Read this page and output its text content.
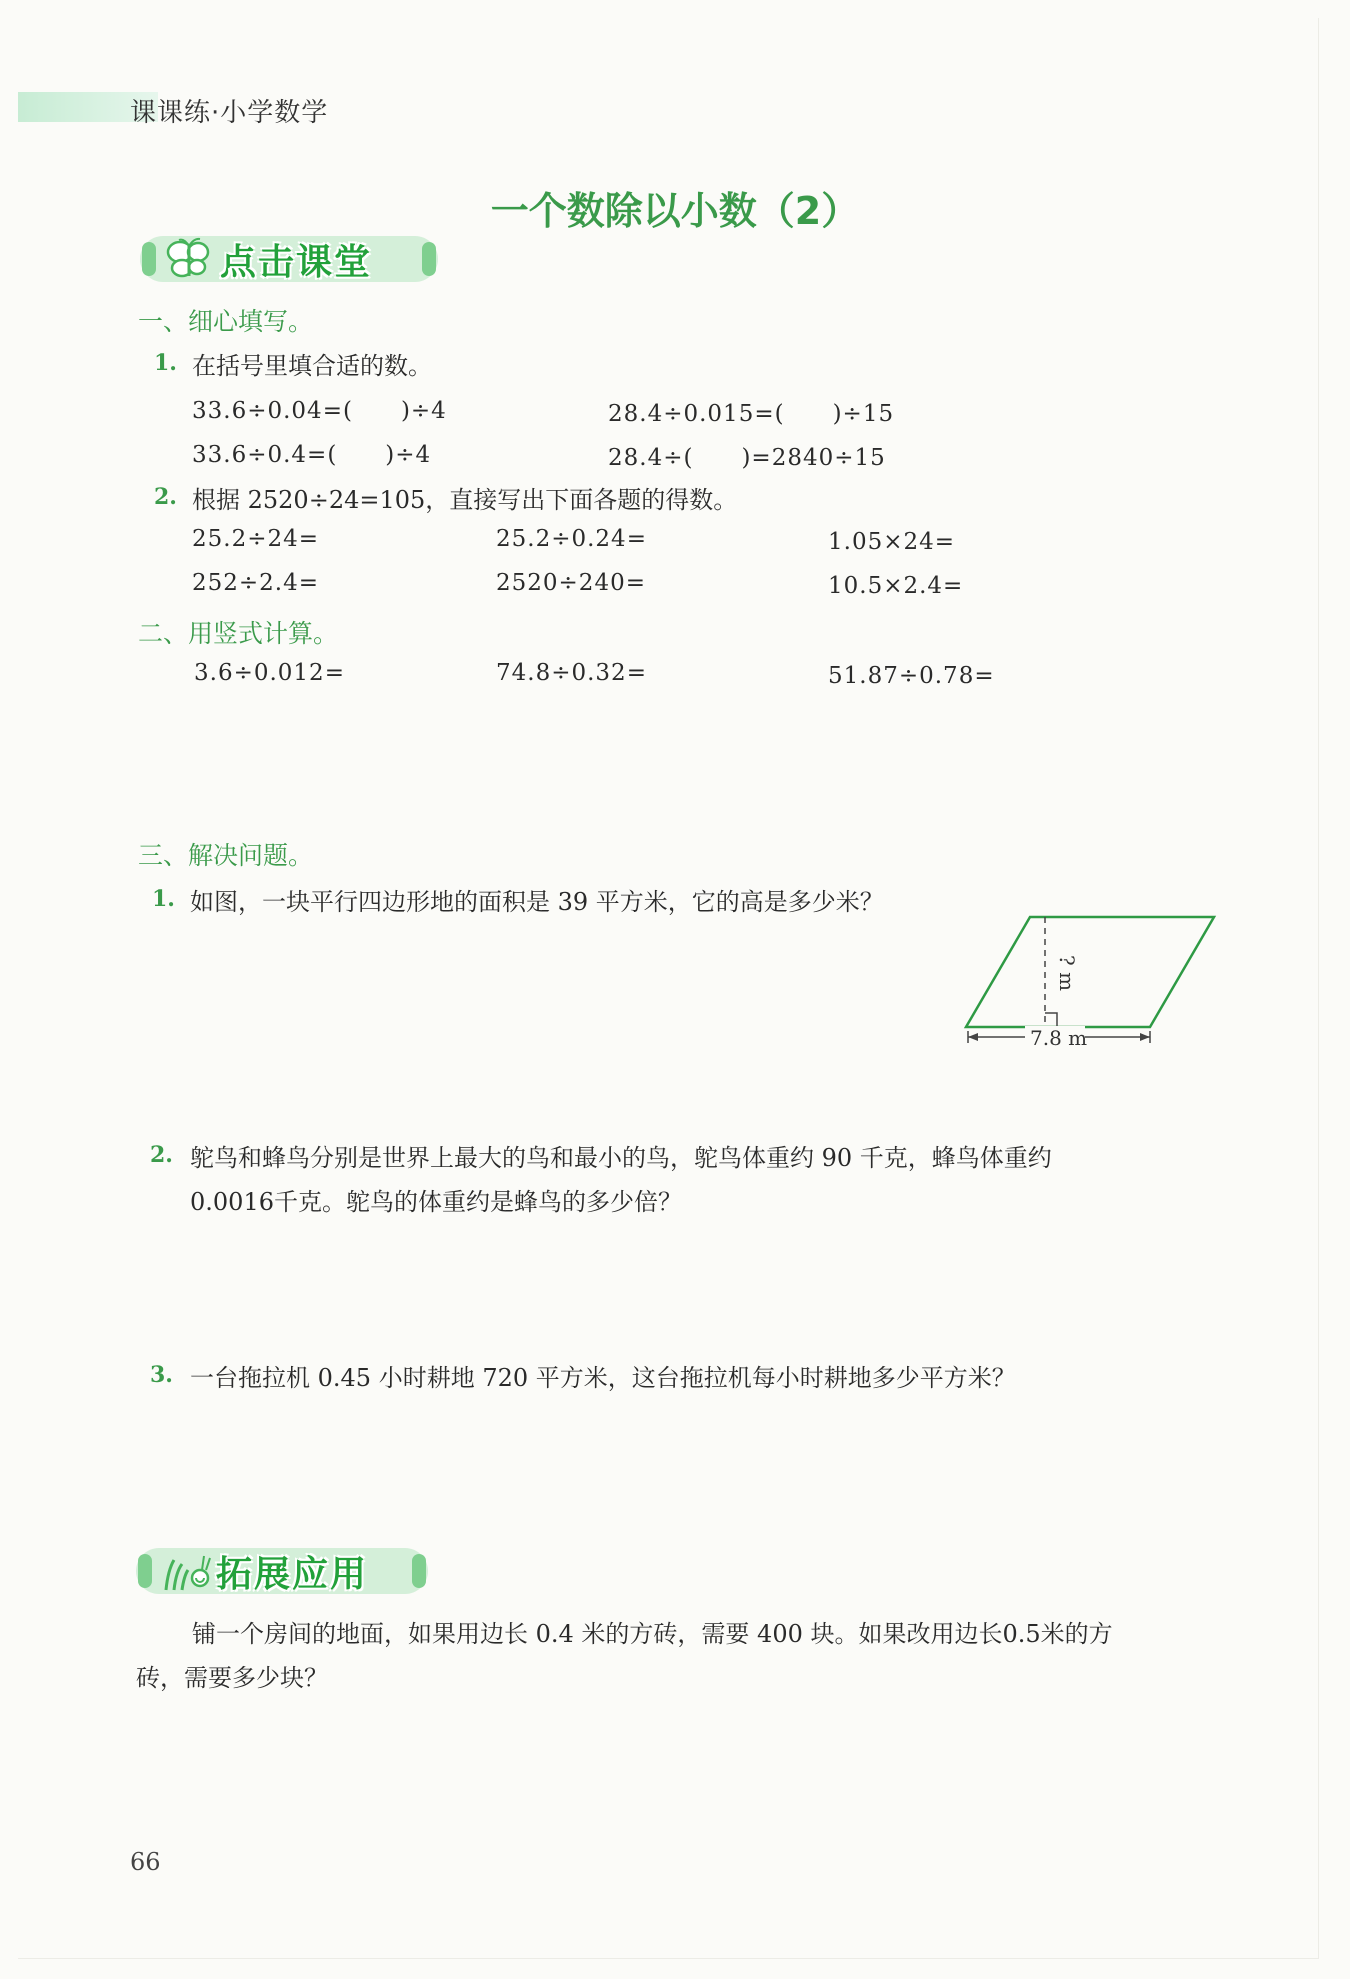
课课练·小学数学
一个数除以小数（2）
点击课堂
一、细心填写。
1. 在括号里填合适的数。
33.6÷0.04=(　　)÷4	28.4÷0.015=(　　)÷15
33.6÷0.4=(　　)÷4	28.4÷(　　)=2840÷15
2. 根据 2520÷24=105，直接写出下面各题的得数。
25.2÷24=	25.2÷0.24=	1.05×24=
252÷2.4=	2520÷240=	10.5×2.4=
二、用竖式计算。
3.6÷0.012=	74.8÷0.32=	51.87÷0.78=
三、解决问题。
1. 如图，一块平行四边形地的面积是 39 平方米，它的高是多少米？
? m
7.8 m
2. 鸵鸟和蜂鸟分别是世界上最大的鸟和最小的鸟，鸵鸟体重约 90 千克，蜂鸟体重约
0.0016千克。鸵鸟的体重约是蜂鸟的多少倍？
3. 一台拖拉机 0.45 小时耕地 720 平方米，这台拖拉机每小时耕地多少平方米？
拓展应用
铺一个房间的地面，如果用边长 0.4 米的方砖，需要 400 块。如果改用边长0.5米的方
砖，需要多少块？
66
